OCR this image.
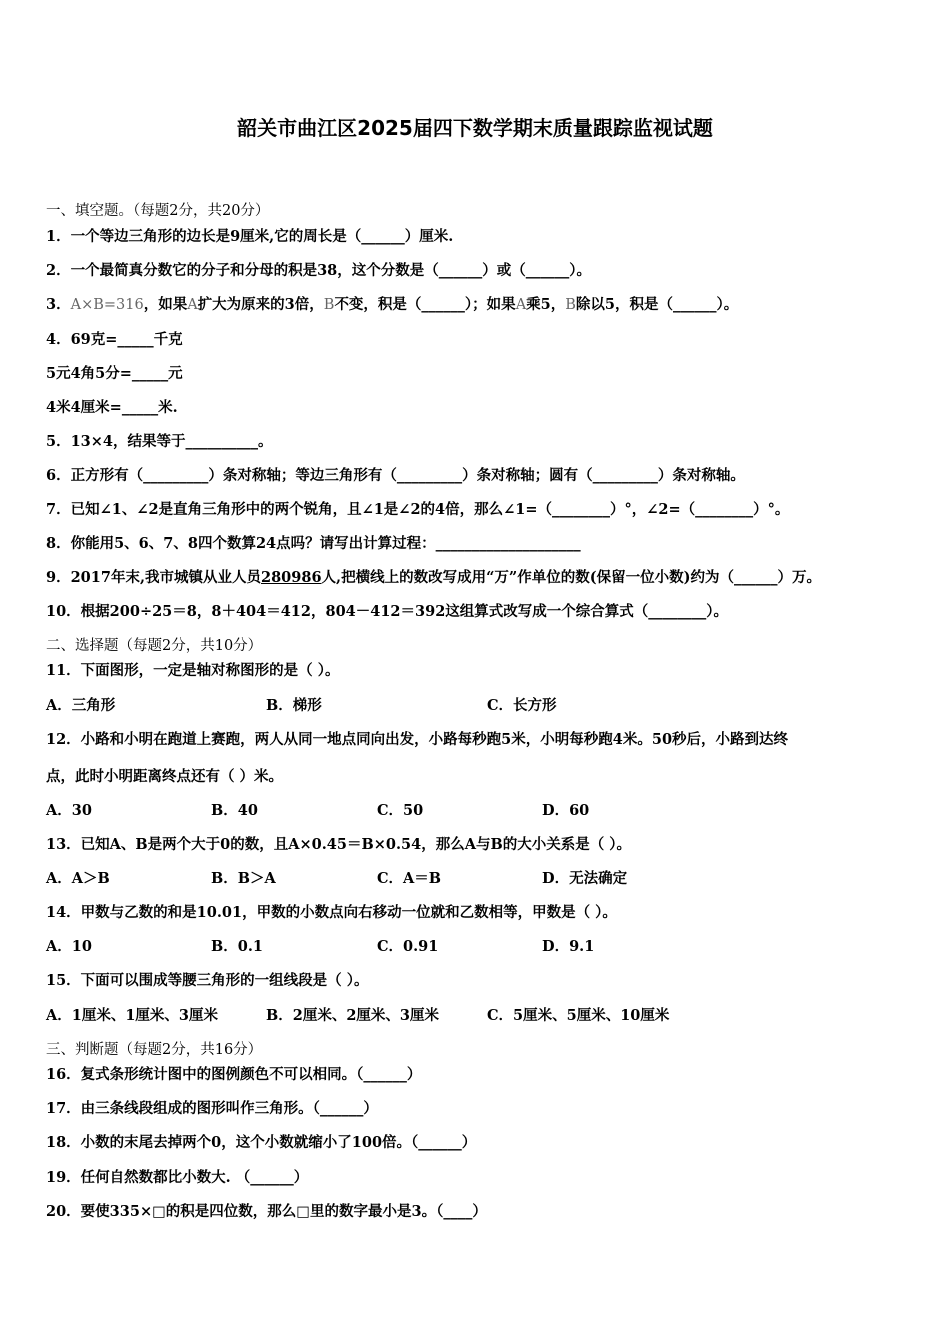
韶关市曲江区2025届四下数学期末质量跟踪监视试题
一、填空题。（每题2分，共20分）
1．一个等边三角形的边长是9厘米,它的周长是（______）厘米.
2．一个最简真分数它的分子和分母的积是38，这个分数是（______）或（______）。
3．A×B=316，如果A扩大为原来的3倍，B不变，积是（______）；如果A乘5，B除以5，积是（______）。
4．69克=_____千克
5元4角5分=_____元
4米4厘米=_____米.
5．13×4，结果等于__________。
6．正方形有（_________）条对称轴；等边三角形有（_________）条对称轴；圆有（_________）条对称轴。
7．已知∠1、∠2是直角三角形中的两个锐角，且∠1是∠2的4倍，那么∠1=（________）°，∠2=（________）°。
8．你能用5、6、7、8四个数算24点吗？请写出计算过程：____________________
9．2017年末,我市城镇从业人员280986人,把横线上的数改写成用“万”作单位的数(保留一位小数)约为（______）万。
10．根据200÷25＝8，8＋404＝412，804－412＝392这组算式改写成一个综合算式（________）。
二、选择题（每题2分，共10分）
11．下面图形，一定是轴对称图形的是（ ）。
A．三角形	B．梯形	C．长方形
12．小路和小明在跑道上赛跑，两人从同一地点同向出发，小路每秒跑5米，小明每秒跑4米。50秒后，小路到达终
点，此时小明距离终点还有（ ）米。
A．30	B．40	C．50	D．60
13．已知A、B是两个大于0的数，且A×0.45＝B×0.54，那么A与B的大小关系是（ ）。
A．A＞B	B．B＞A	C．A＝B	D．无法确定
14．甲数与乙数的和是10.01，甲数的小数点向右移动一位就和乙数相等，甲数是（ ）。
A．10	B．0.1	C．0.91	D．9.1
15．下面可以围成等腰三角形的一组线段是（ ）。
A．1厘米、1厘米、3厘米	B．2厘米、2厘米、3厘米	C．5厘米、5厘米、10厘米
三、判断题（每题2分，共16分）
16．复式条形统计图中的图例颜色不可以相同。（______）
17．由三条线段组成的图形叫作三角形。（______）
18．小数的末尾去掉两个0，这个小数就缩小了100倍。（______）
19．任何自然数都比小数大. （______）
20．要使335×□的积是四位数，那么□里的数字最小是3。（____）
